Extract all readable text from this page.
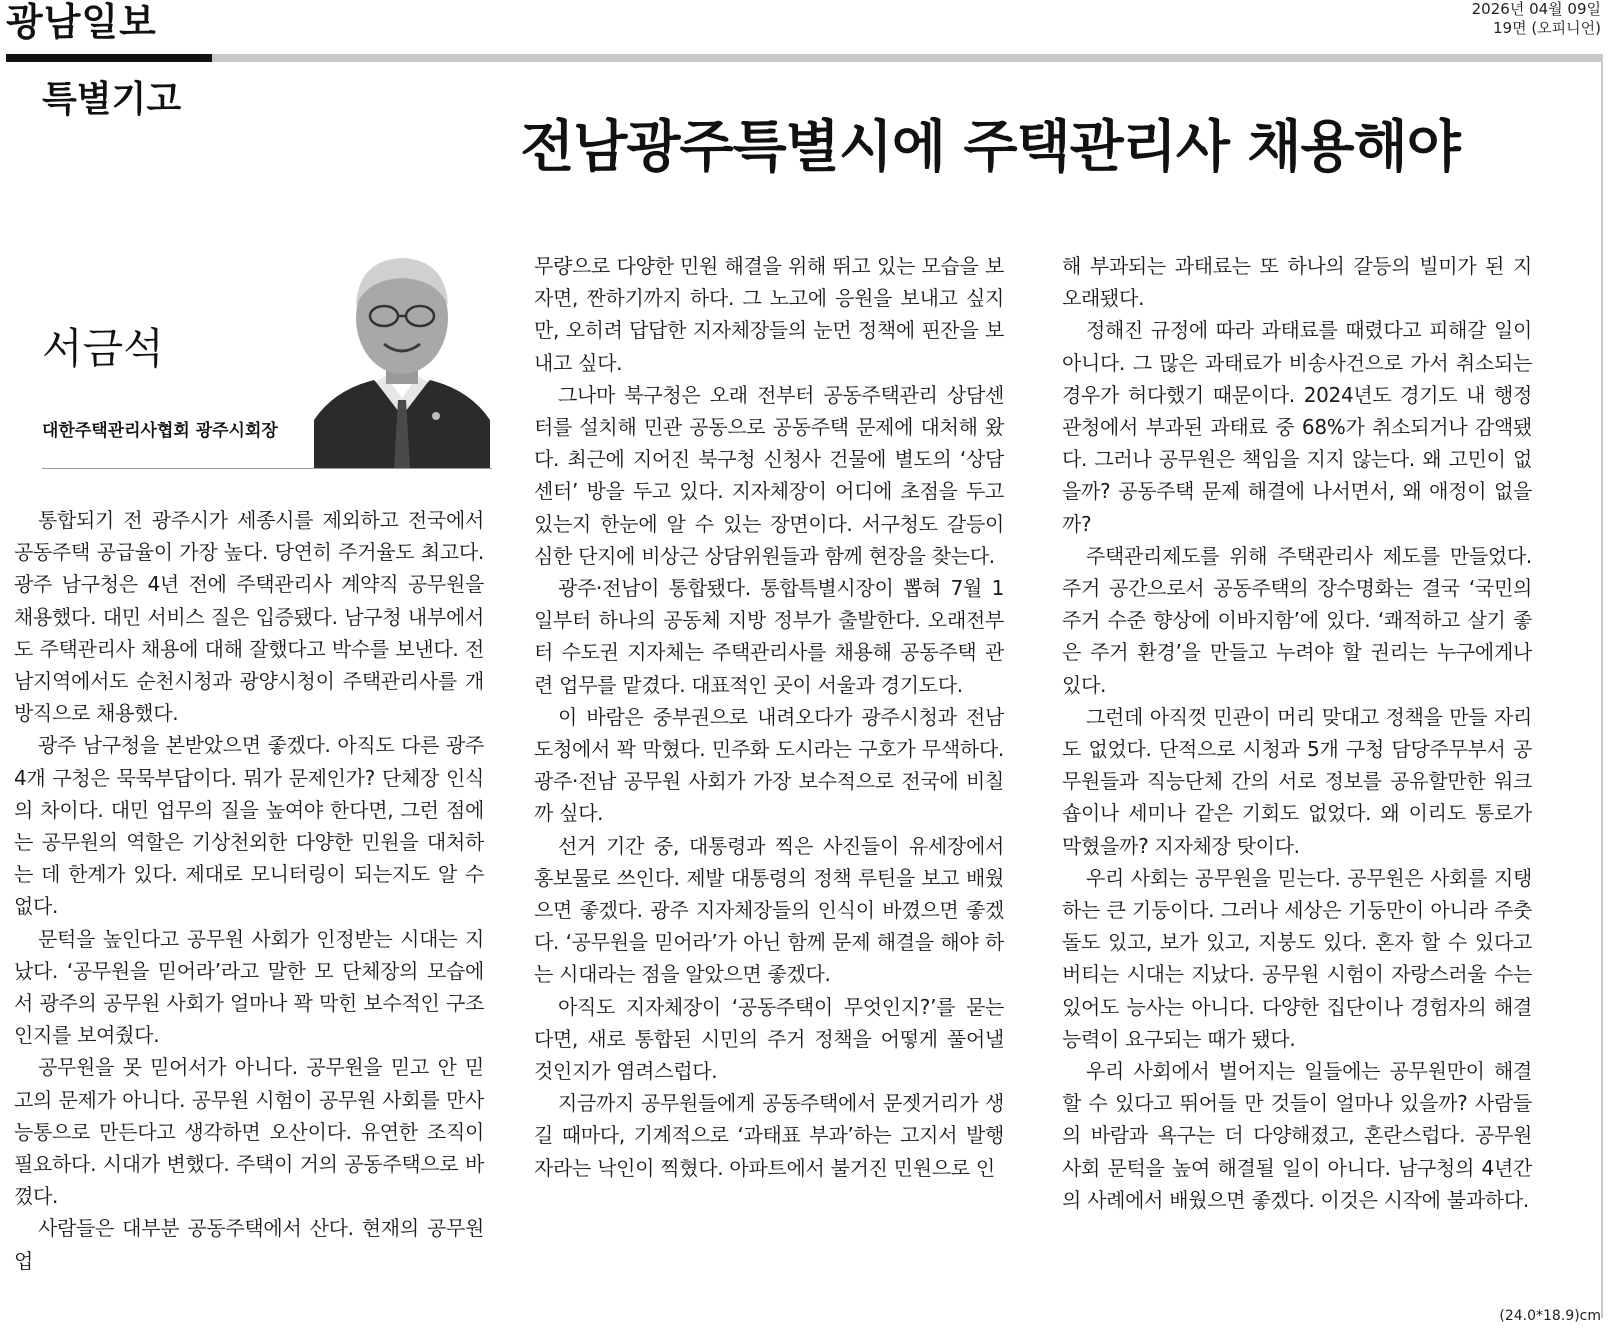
광남일보	2026년 04월 09일
19면 (오피니언)
특별기고
전남광주특별시에 주택관리사 채용해야
서금석
대한주택관리사협회 광주시회장

통합되기 전 광주시가 세종시를 제외하고 전국에서 공동주택 공급율이 가장 높다. 당연히 주거율도 최고다. 광주 남구청은 4년 전에 주택관리사 계약직 공무원을 채용했다. 대민 서비스 질은 입증됐다. 남구청 내부에서도 주택관리사 채용에 대해 잘했다고 박수를 보낸다. 전남지역에서도 순천시청과 광양시청이 주택관리사를 개방직으로 채용했다.

광주 남구청을 본받았으면 좋겠다. 아직도 다른 광주 4개 구청은 묵묵부답이다. 뭐가 문제인가? 단체장 인식의 차이다. 대민 업무의 질을 높여야 한다면, 그런 점에는 공무원의 역할은 기상천외한 다양한 민원을 대처하는 데 한계가 있다. 제대로 모니터링이 되는지도 알 수 없다.

문턱을 높인다고 공무원 사회가 인정받는 시대는 지났다. ‘공무원을 믿어라’라고 말한 모 단체장의 모습에서 광주의 공무원 사회가 얼마나 꽉 막힌 보수적인 구조인지를 보여줬다.

공무원을 못 믿어서가 아니다. 공무원을 믿고 안 믿고의 문제가 아니다. 공무원 시험이 공무원 사회를 만사 능통으로 만든다고 생각하면 오산이다. 유연한 조직이 필요하다. 시대가 변했다. 주택이 거의 공동주택으로 바꼈다.

사람들은 대부분 공동주택에서 산다. 현재의 공무원 업

무량으로 다양한 민원 해결을 위해 뛰고 있는 모습을 보자면, 짠하기까지 하다. 그 노고에 응원을 보내고 싶지만, 오히려 답답한 지자체장들의 눈먼 정책에 핀잔을 보내고 싶다.

그나마 북구청은 오래 전부터 공동주택관리 상담센터를 설치해 민관 공동으로 공동주택 문제에 대처해 왔다. 최근에 지어진 북구청 신청사 건물에 별도의 ‘상담센터’ 방을 두고 있다. 지자체장이 어디에 초점을 두고 있는지 한눈에 알 수 있는 장면이다. 서구청도 갈등이 심한 단지에 비상근 상담위원들과 함께 현장을 찾는다.

광주·전남이 통합됐다. 통합특별시장이 뽑혀 7월 1일부터 하나의 공동체 지방 정부가 출발한다. 오래전부터 수도권 지자체는 주택관리사를 채용해 공동주택 관련 업무를 맡겼다. 대표적인 곳이 서울과 경기도다.

이 바람은 중부권으로 내려오다가 광주시청과 전남도청에서 꽉 막혔다. 민주화 도시라는 구호가 무색하다. 광주·전남 공무원 사회가 가장 보수적으로 전국에 비칠까 싶다.

선거 기간 중, 대통령과 찍은 사진들이 유세장에서 홍보물로 쓰인다. 제발 대통령의 정책 루틴을 보고 배웠으면 좋겠다. 광주 지자체장들의 인식이 바꼈으면 좋겠다. ‘공무원을 믿어라’가 아닌 함께 문제 해결을 해야 하는 시대라는 점을 알았으면 좋겠다.

아직도 지자체장이 ‘공동주택이 무엇인지?’를 묻는다면, 새로 통합된 시민의 주거 정책을 어떻게 풀어낼 것인지가 염려스럽다.

지금까지 공무원들에게 공동주택에서 문젯거리가 생길 때마다, 기계적으로 ‘과태표 부과’하는 고지서 발행자라는 낙인이 찍혔다. 아파트에서 불거진 민원으로 인

해 부과되는 과태료는 또 하나의 갈등의 빌미가 된 지 오래됐다.

정해진 규정에 따라 과태료를 때렸다고 피해갈 일이 아니다. 그 많은 과태료가 비송사건으로 가서 취소되는 경우가 허다했기 때문이다. 2024년도 경기도 내 행정관청에서 부과된 과태료 중 68%가 취소되거나 감액됐다. 그러나 공무원은 책임을 지지 않는다. 왜 고민이 없을까? 공동주택 문제 해결에 나서면서, 왜 애정이 없을까?

주택관리제도를 위해 주택관리사 제도를 만들었다. 주거 공간으로서 공동주택의 장수명화는 결국 ‘국민의 주거 수준 향상에 이바지함’에 있다. ‘쾌적하고 살기 좋은 주거 환경’을 만들고 누려야 할 권리는 누구에게나 있다.

그런데 아직껏 민관이 머리 맞대고 정책을 만들 자리도 없었다. 단적으로 시청과 5개 구청 담당주무부서 공무원들과 직능단체 간의 서로 정보를 공유할만한 워크숍이나 세미나 같은 기회도 없었다. 왜 이리도 통로가 막혔을까? 지자체장 탓이다.

우리 사회는 공무원을 믿는다. 공무원은 사회를 지탱하는 큰 기둥이다. 그러나 세상은 기둥만이 아니라 주춧돌도 있고, 보가 있고, 지붕도 있다. 혼자 할 수 있다고 버티는 시대는 지났다. 공무원 시험이 자랑스러울 수는 있어도 능사는 아니다. 다양한 집단이나 경험자의 해결 능력이 요구되는 때가 됐다.

우리 사회에서 벌어지는 일들에는 공무원만이 해결할 수 있다고 뛰어들 만 것들이 얼마나 있을까? 사람들의 바람과 욕구는 더 다양해졌고, 혼란스럽다. 공무원 사회 문턱을 높여 해결될 일이 아니다. 남구청의 4년간의 사례에서 배웠으면 좋겠다. 이것은 시작에 불과하다.

(24.0*18.9)cm
